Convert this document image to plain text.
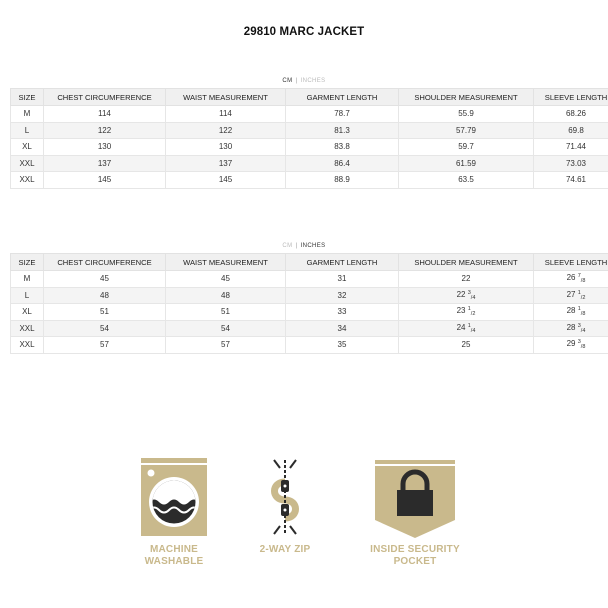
29810 MARC JACKET
CM | INCHES
SIZE	CHEST CIRCUMFERENCE	WAIST MEASUREMENT	GARMENT LENGTH	SHOULDER MEASUREMENT	SLEEVE LENGTH
M	114	114	78.7	55.9	68.26
L	122	122	81.3	57.79	69.8
XL	130	130	83.8	59.7	71.44
XXL	137	137	86.4	61.59	73.03
XXL	145	145	88.9	63.5	74.61
CM | INCHES
SIZE	CHEST CIRCUMFERENCE	WAIST MEASUREMENT	GARMENT LENGTH	SHOULDER MEASUREMENT	SLEEVE LENGTH
M	45	45	31	22	26 $^7_{/8}$
L	48	48	32	22 $^3_{/4}$	27 $^1_{/2}$
XL	51	51	33	23 $^1_{/2}$	28 $^1_{/8}$
XXL	54	54	34	24 $^1_{/4}$	28 $^3_{/4}$
XXL	57	57	35	25	29 $^3_{/8}$
MACHINE
WASHABLE
2-WAY ZIP	INSIDE SECURITY
POCKET
